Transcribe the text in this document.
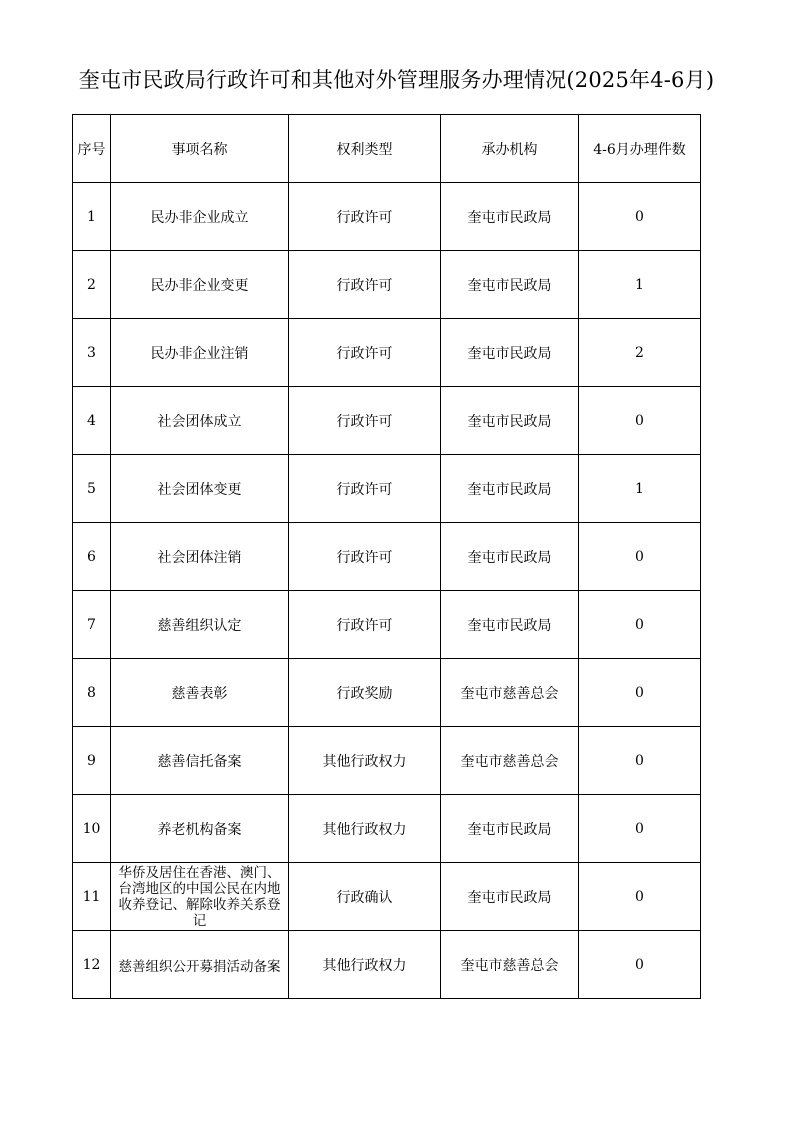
奎屯市民政局行政许可和其他对外管理服务办理情况(2025年4-6月)
序号	事项名称	权利类型	承办机构	4-6月办理件数
1	民办非企业成立	行政许可	奎屯市民政局	0
2	民办非企业变更	行政许可	奎屯市民政局	1
3	民办非企业注销	行政许可	奎屯市民政局	2
4	社会团体成立	行政许可	奎屯市民政局	0
5	社会团体变更	行政许可	奎屯市民政局	1
6	社会团体注销	行政许可	奎屯市民政局	0
7	慈善组织认定	行政许可	奎屯市民政局	0
8	慈善表彰	行政奖励	奎屯市慈善总会	0
9	慈善信托备案	其他行政权力	奎屯市慈善总会	0
10	养老机构备案	其他行政权力	奎屯市民政局	0
11	华侨及居住在香港、澳门、台湾地区的中国公民在内地收养登记、解除收养关系登记	行政确认	奎屯市民政局	0
12	慈善组织公开募捐活动备案	其他行政权力	奎屯市慈善总会	0
